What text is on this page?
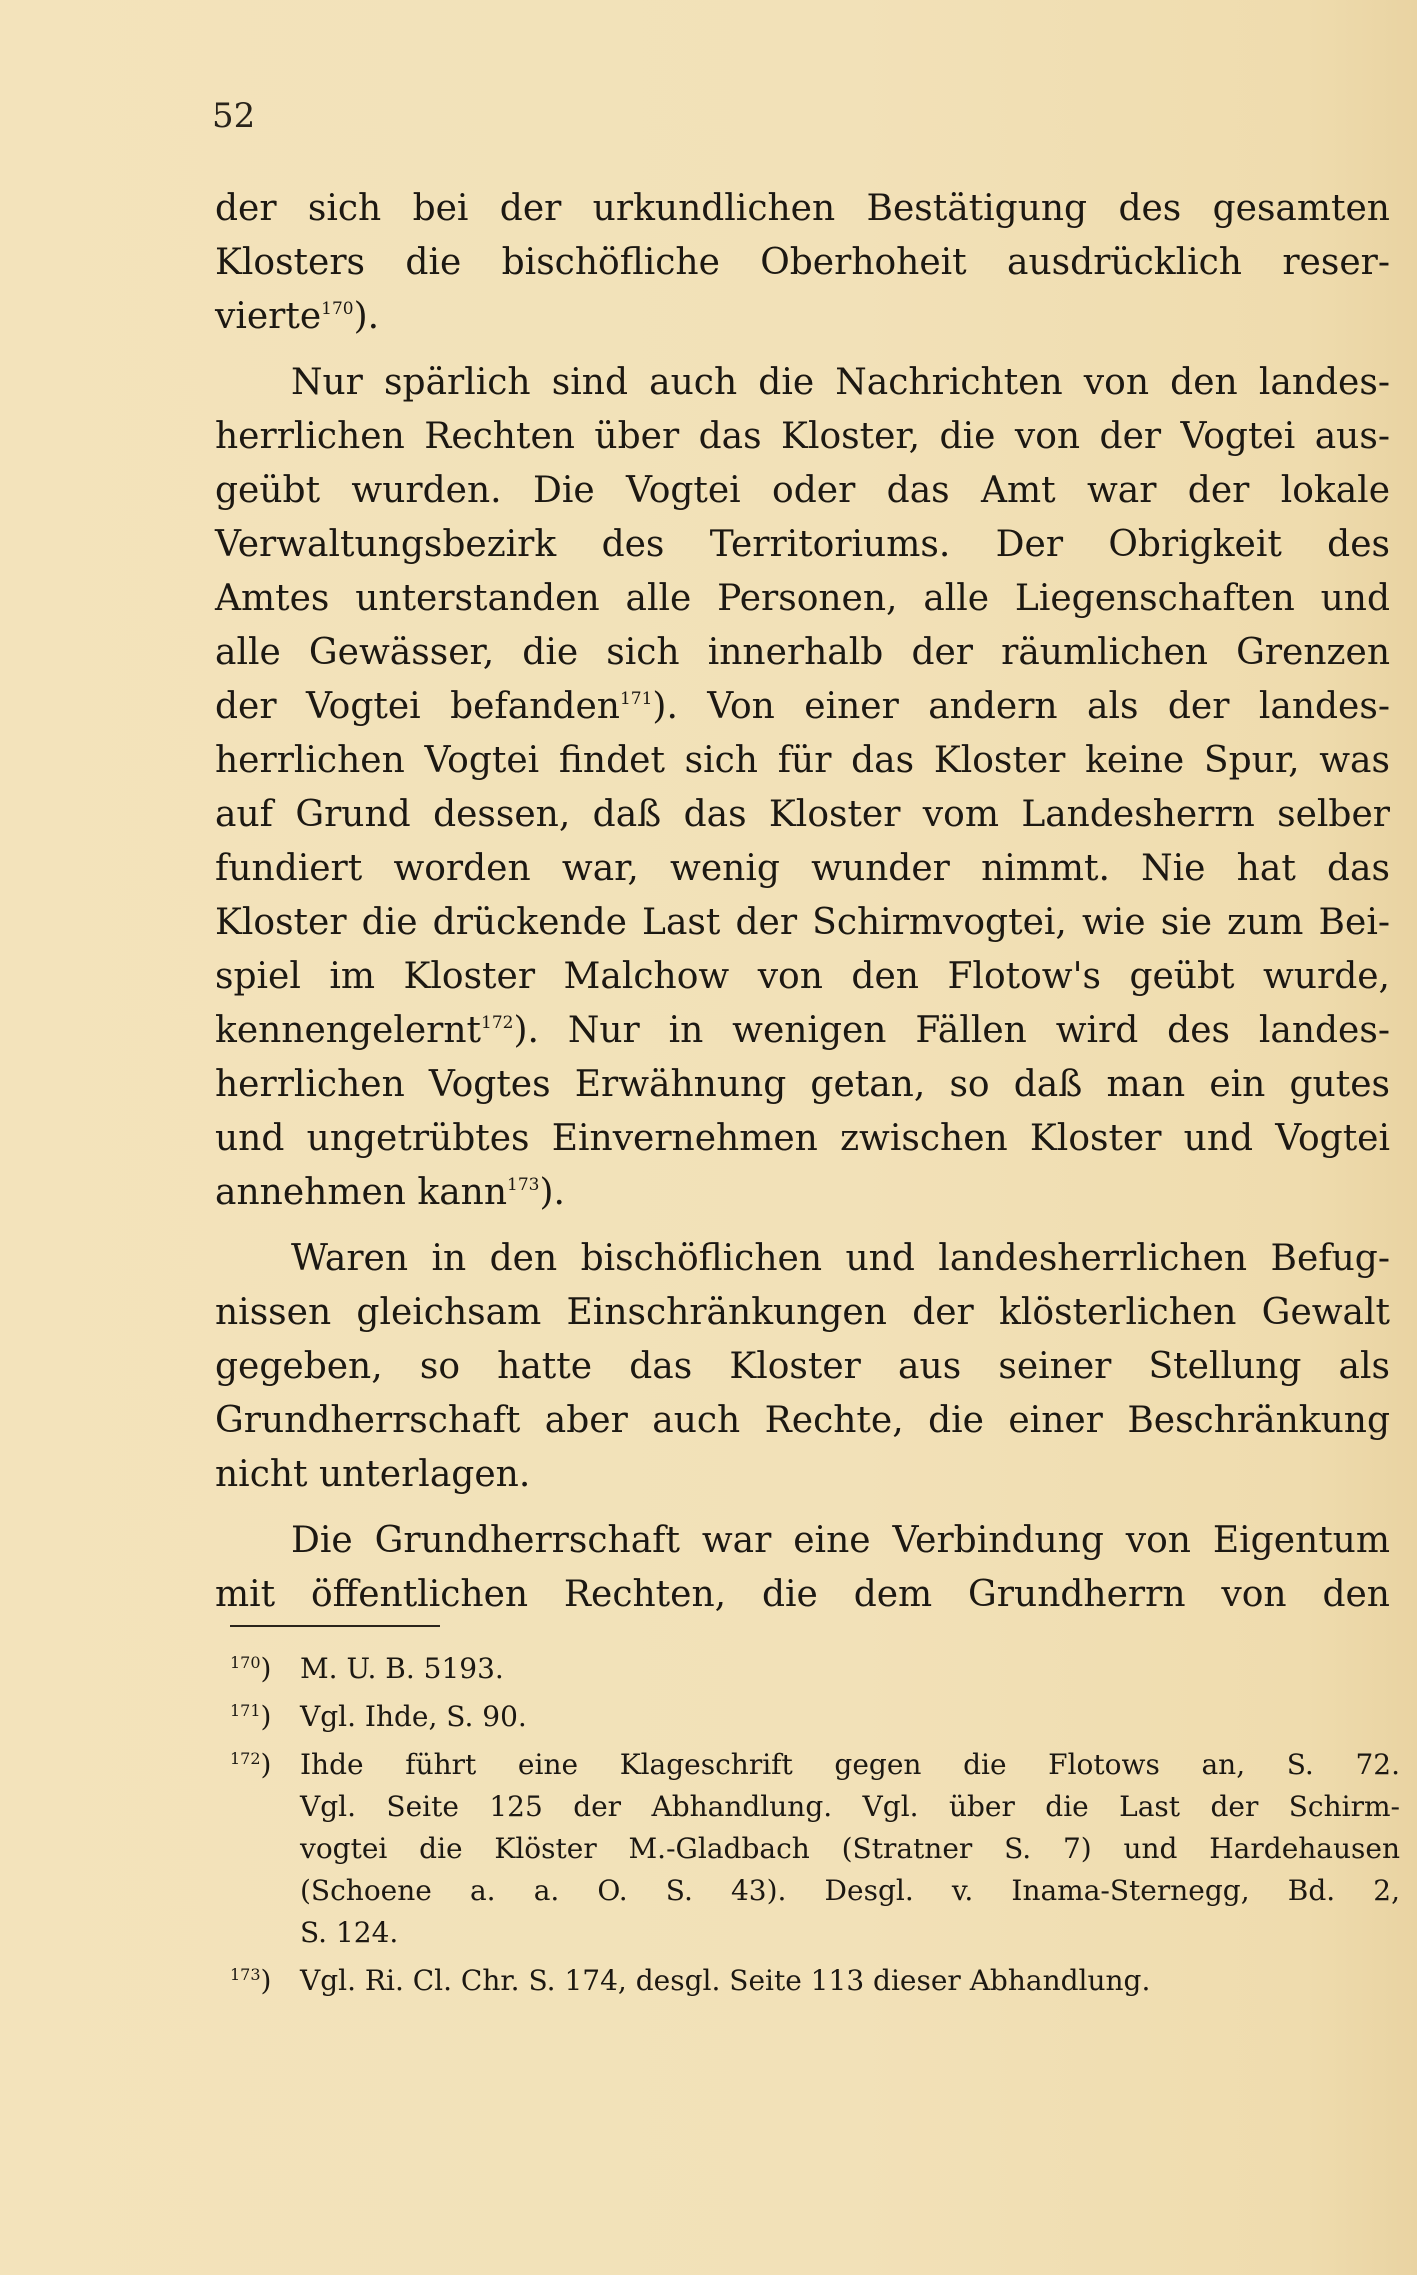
52
der sich bei der urkundlichen Bestätigung des gesamten
Klosters die bischöfliche Oberhoheit ausdrücklich reser-
vierte$^{170}$).
Nur spärlich sind auch die Nachrichten von den landes-
herrlichen Rechten über das Kloster, die von der Vogtei aus-
geübt wurden. Die Vogtei oder das Amt war der lokale
Verwaltungsbezirk des Territoriums. Der Obrigkeit des
Amtes unterstanden alle Personen, alle Liegenschaften und
alle Gewässer, die sich innerhalb der räumlichen Grenzen
der Vogtei befanden$^{171}$). Von einer andern als der landes-
herrlichen Vogtei findet sich für das Kloster keine Spur, was
auf Grund dessen, daß das Kloster vom Landesherrn selber
fundiert worden war, wenig wunder nimmt. Nie hat das
Kloster die drückende Last der Schirmvogtei, wie sie zum Bei-
spiel im Kloster Malchow von den Flotow's geübt wurde,
kennengelernt$^{172}$). Nur in wenigen Fällen wird des landes-
herrlichen Vogtes Erwähnung getan, so daß man ein gutes
und ungetrübtes Einvernehmen zwischen Kloster und Vogtei
annehmen kann$^{173}$).
Waren in den bischöflichen und landesherrlichen Befug-
nissen gleichsam Einschränkungen der klösterlichen Gewalt
gegeben, so hatte das Kloster aus seiner Stellung als
Grundherrschaft aber auch Rechte, die einer Beschränkung
nicht unterlagen.
Die Grundherrschaft war eine Verbindung von Eigentum
mit öffentlichen Rechten, die dem Grundherrn von den
$^{170}$)	M. U. B. 5193.
$^{171}$)	Vgl. Ihde, S. 90.
$^{172}$)	Ihde führt eine Klageschrift gegen die Flotows an, S. 72.
Vgl. Seite 125 der Abhandlung. Vgl. über die Last der Schirm-
vogtei die Klöster M.-Gladbach (Stratner S. 7) und Hardehausen
(Schoene a. a. O. S. 43). Desgl. v. Inama-Sternegg, Bd. 2,
S. 124.
$^{173}$)	Vgl. Ri. Cl. Chr. S. 174, desgl. Seite 113 dieser Abhandlung.
